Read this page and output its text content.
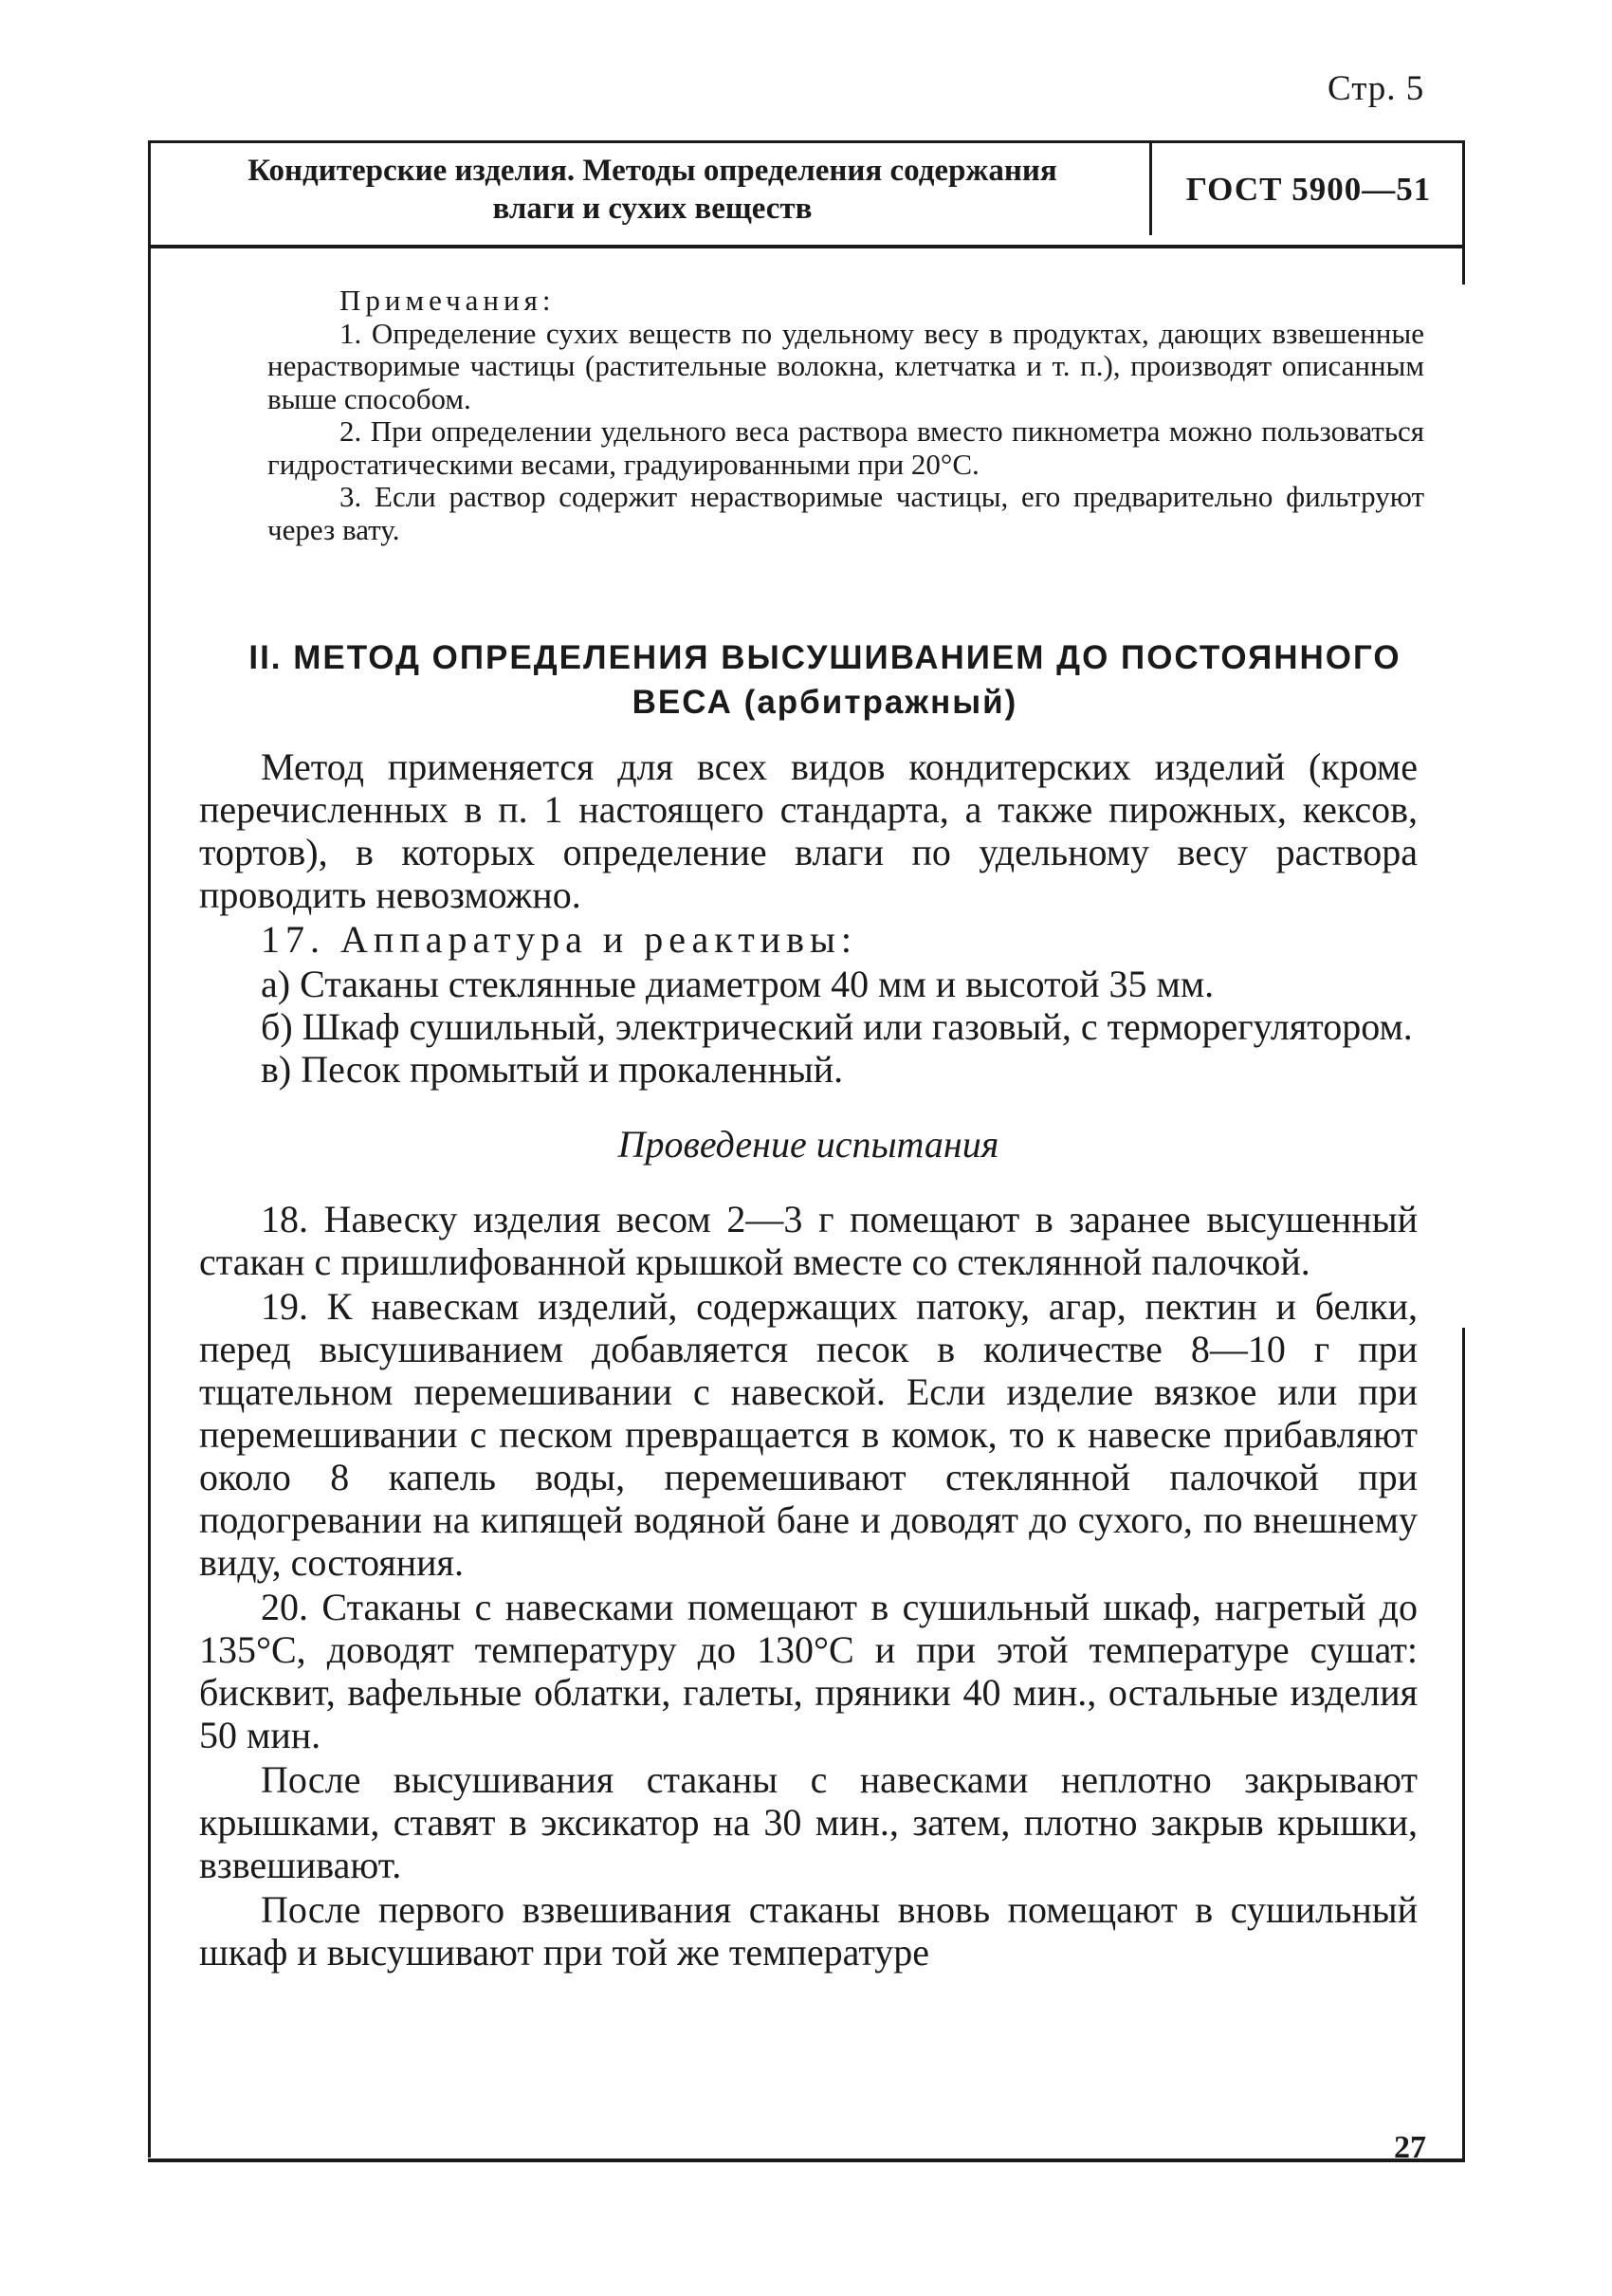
Стр. 5
Кондитерские изделия. Методы определения содержания
влаги и сухих веществ
ГОСТ 5900—51
Примечания:

1. Определение сухих веществ по удельному весу в продуктах, дающих взвешенные нерастворимые частицы (растительные волокна, клетчатка и т. п.), производят описанным выше способом.

2. При определении удельного веса раствора вместо пикнометра можно пользоваться гидростатическими весами, градуированными при 20°С.

3. Если раствор содержит нерастворимые частицы, его предварительно фильтруют через вату.

II. МЕТОД ОПРЕДЕЛЕНИЯ ВЫСУШИВАНИЕМ ДО ПОСТОЯННОГО
ВЕСА (арбитражный)

Метод применяется для всех видов кондитерских изделий (кроме перечисленных в п. 1 настоящего стандарта, а также пирожных, кексов, тортов), в которых определение влаги по удельному весу раствора проводить невозможно.

17. Аппаратура и реактивы:

а) Стаканы стеклянные диаметром 40 мм и высотой 35 мм.

б) Шкаф сушильный, электрический или газовый, с терморегулятором.

в) Песок промытый и прокаленный.

Проведение испытания

18. Навеску изделия весом 2—3 г помещают в заранее высушенный стакан с пришлифованной крышкой вместе со стеклянной палочкой.

19. К навескам изделий, содержащих патоку, агар, пектин и белки, перед высушиванием добавляется песок в количестве 8—10 г при тщательном перемешивании с навеской. Если изделие вязкое или при перемешивании с песком превращается в комок, то к навеске прибавляют около 8 капель воды, перемешивают стеклянной палочкой при подогревании на кипящей водяной бане и доводят до сухого, по внешнему виду, состояния.

20. Стаканы с навесками помещают в сушильный шкаф, нагретый до 135°С, доводят температуру до 130°С и при этой температуре сушат: бисквит, вафельные облатки, галеты, пряники 40 мин., остальные изделия 50 мин.

После высушивания стаканы с навесками неплотно закрывают крышками, ставят в эксикатор на 30 мин., затем, плотно закрыв крышки, взвешивают.

После первого взвешивания стаканы вновь помещают в сушильный шкаф и высушивают при той же температуре

27
